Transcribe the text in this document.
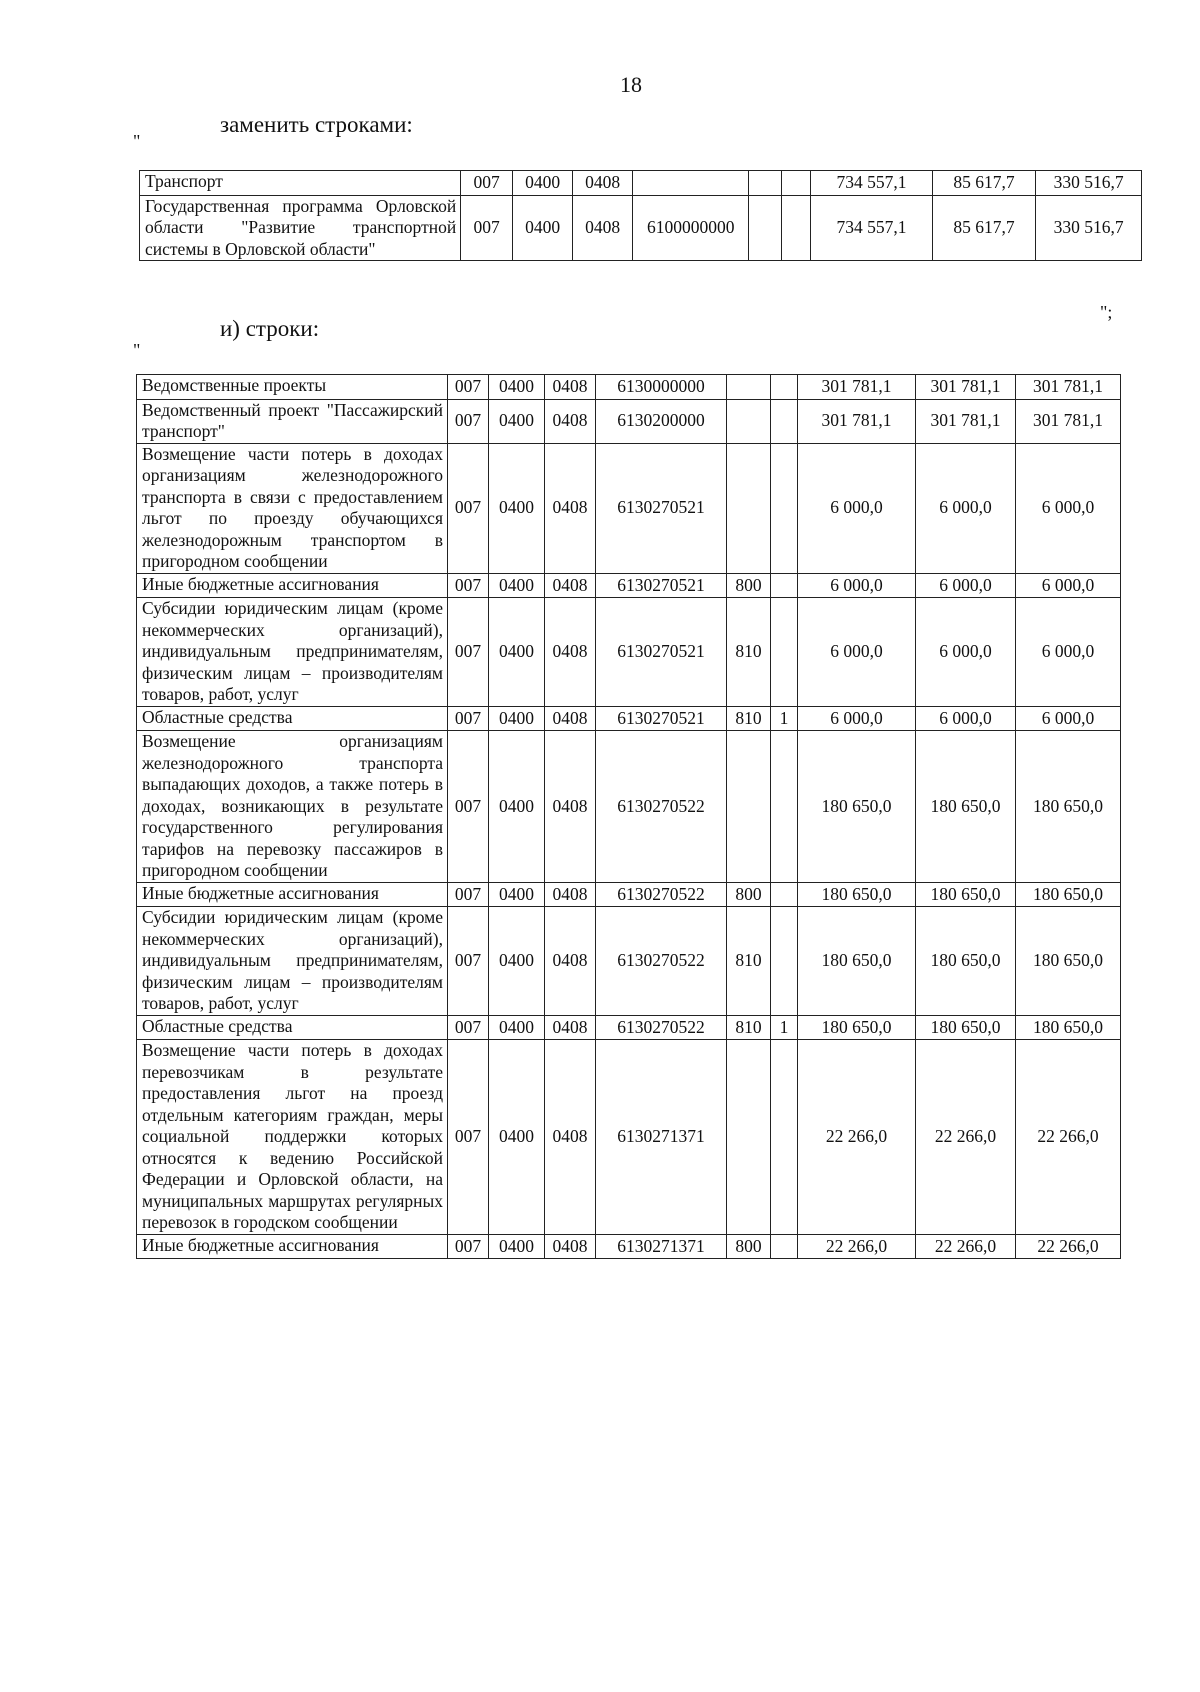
18
"
заменить строками:
Транспорт	007	0400	0408				734 557,1	85 617,7	330 516,7
Государственная программа Орловской области "Развитие транспортной системы в Орловской области"	007	0400	0408	6100000000			734 557,1	85 617,7	330 516,7
";
и) строки:
"
Ведомственные проекты	007	0400	0408	6130000000			301 781,1	301 781,1	301 781,1
Ведомственный проект "Пассажирский транспорт"	007	0400	0408	6130200000			301 781,1	301 781,1	301 781,1
Возмещение части потерь в доходах организациям железнодорожного транспорта в связи с предоставлением льгот по проезду обучающихся железнодорожным транспортом в пригородном сообщении	007	0400	0408	6130270521			6 000,0	6 000,0	6 000,0
Иные бюджетные ассигнования	007	0400	0408	6130270521	800		6 000,0	6 000,0	6 000,0
Субсидии юридическим лицам (кроме некоммерческих организаций), индивидуальным предпринимателям, физическим лицам – производителям товаров, работ, услуг	007	0400	0408	6130270521	810		6 000,0	6 000,0	6 000,0
Областные средства	007	0400	0408	6130270521	810	1	6 000,0	6 000,0	6 000,0
Возмещение организациям железнодорожного транспорта выпадающих доходов, а также потерь в доходах, возникающих в результате государственного регулирования тарифов на перевозку пассажиров в пригородном сообщении	007	0400	0408	6130270522			180 650,0	180 650,0	180 650,0
Иные бюджетные ассигнования	007	0400	0408	6130270522	800		180 650,0	180 650,0	180 650,0
Субсидии юридическим лицам (кроме некоммерческих организаций), индивидуальным предпринимателям, физическим лицам – производителям товаров, работ, услуг	007	0400	0408	6130270522	810		180 650,0	180 650,0	180 650,0
Областные средства	007	0400	0408	6130270522	810	1	180 650,0	180 650,0	180 650,0
Возмещение части потерь в доходах перевозчикам в результате предоставления льгот на проезд отдельным категориям граждан, меры социальной поддержки которых относятся к ведению Российской Федерации и Орловской области, на муниципальных маршрутах регулярных перевозок в городском сообщении	007	0400	0408	6130271371			22 266,0	22 266,0	22 266,0
Иные бюджетные ассигнования	007	0400	0408	6130271371	800		22 266,0	22 266,0	22 266,0
